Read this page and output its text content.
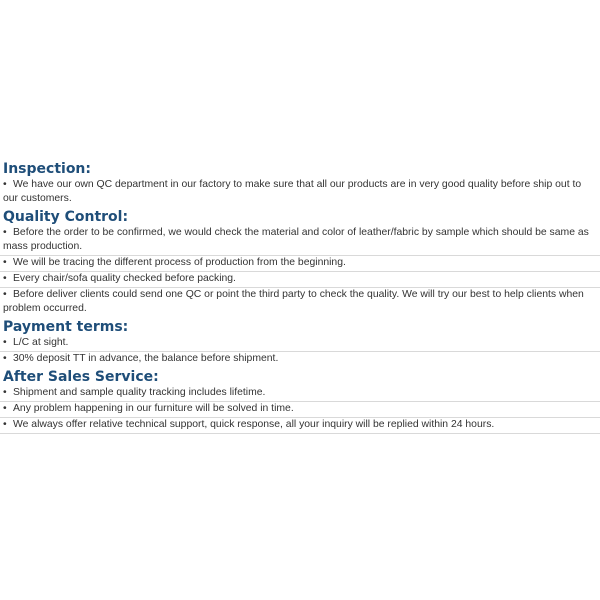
Inspection:
• We have our own QC department in our factory to make sure that all our products are in very good quality before ship out to our customers.
Quality Control:
• Before the order to be confirmed, we would check the material and color of leather/fabric by sample which should be same as mass production.
• We will be tracing the different process of production from the beginning.
• Every chair/sofa quality checked before packing.
• Before deliver clients could send one QC or point the third party to check the quality. We will try our best to help clients when problem occurred.
Payment terms:
• L/C at sight.
• 30% deposit TT in advance, the balance before shipment.
After Sales Service:
• Shipment and sample quality tracking includes lifetime.
• Any problem happening in our furniture will be solved in time.
• We always offer relative technical support, quick response, all your inquiry will be replied within 24 hours.
